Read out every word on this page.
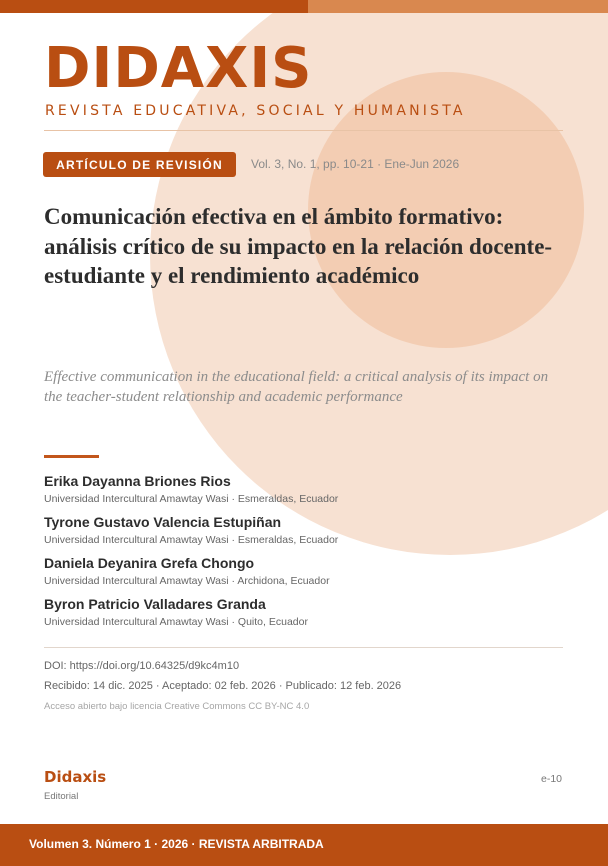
DIDAXIS
REVISTA EDUCATIVA, SOCIAL Y HUMANISTA
ARTÍCULO DE REVISIÓN	Vol. 3, No. 1, pp. 10-21 · Ene-Jun 2026
Comunicación efectiva en el ámbito formativo: análisis crítico de su impacto en la relación docente-estudiante y el rendimiento académico

Effective communication in the educational field: a critical analysis of its impact on the teacher-student relationship and academic performance

Erika Dayanna Briones Rios
Universidad Intercultural Amawtay Wasi · Esmeraldas, Ecuador
Tyrone Gustavo Valencia Estupiñan
Universidad Intercultural Amawtay Wasi · Esmeraldas, Ecuador
Daniela Deyanira Grefa Chongo
Universidad Intercultural Amawtay Wasi · Archidona, Ecuador
Byron Patricio Valladares Granda
Universidad Intercultural Amawtay Wasi · Quito, Ecuador
DOI: https://doi.org/10.64325/d9kc4m10
Recibido: 14 dic. 2025 · Aceptado: 02 feb. 2026 · Publicado: 12 feb. 2026
Acceso abierto bajo licencia Creative Commons CC BY-NC 4.0
Didaxis
Editorial
e-10
Volumen 3. Número 1 · 2026 · REVISTA ARBITRADA
